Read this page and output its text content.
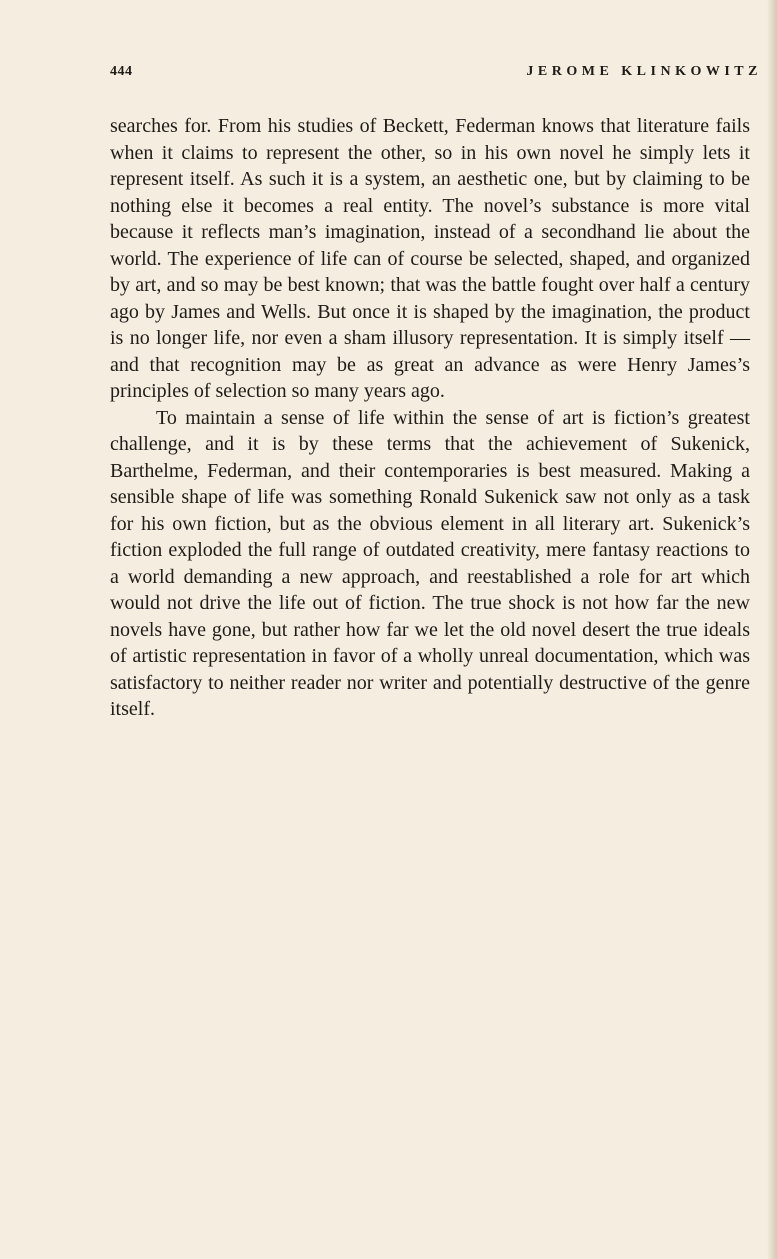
444	JEROME KLINKOWITZ

searches for. From his studies of Beckett, Federman knows that literature fails when it claims to represent the other, so in his own novel he simply lets it represent itself. As such it is a system, an aesthetic one, but by claiming to be nothing else it becomes a real entity. The novel’s substance is more vital because it reflects man’s imagination, instead of a secondhand lie about the world. The experience of life can of course be selected, shaped, and organized by art, and so may be best known; that was the battle fought over half a century ago by James and Wells. But once it is shaped by the imagination, the product is no longer life, nor even a sham illusory representation. It is simply itself — and that recognition may be as great an advance as were Henry James’s principles of selection so many years ago.

To maintain a sense of life within the sense of art is fiction’s greatest challenge, and it is by these terms that the achievement of Sukenick, Barthelme, Federman, and their contemporaries is best measured. Making a sensible shape of life was something Ronald Sukenick saw not only as a task for his own fiction, but as the obvious element in all literary art. Sukenick’s fiction exploded the full range of outdated creativity, mere fantasy reactions to a world demanding a new approach, and reestablished a role for art which would not drive the life out of fiction. The true shock is not how far the new novels have gone, but rather how far we let the old novel desert the true ideals of artistic representation in favor of a wholly unreal documentation, which was satisfactory to neither reader nor writer and potentially destructive of the genre itself.
